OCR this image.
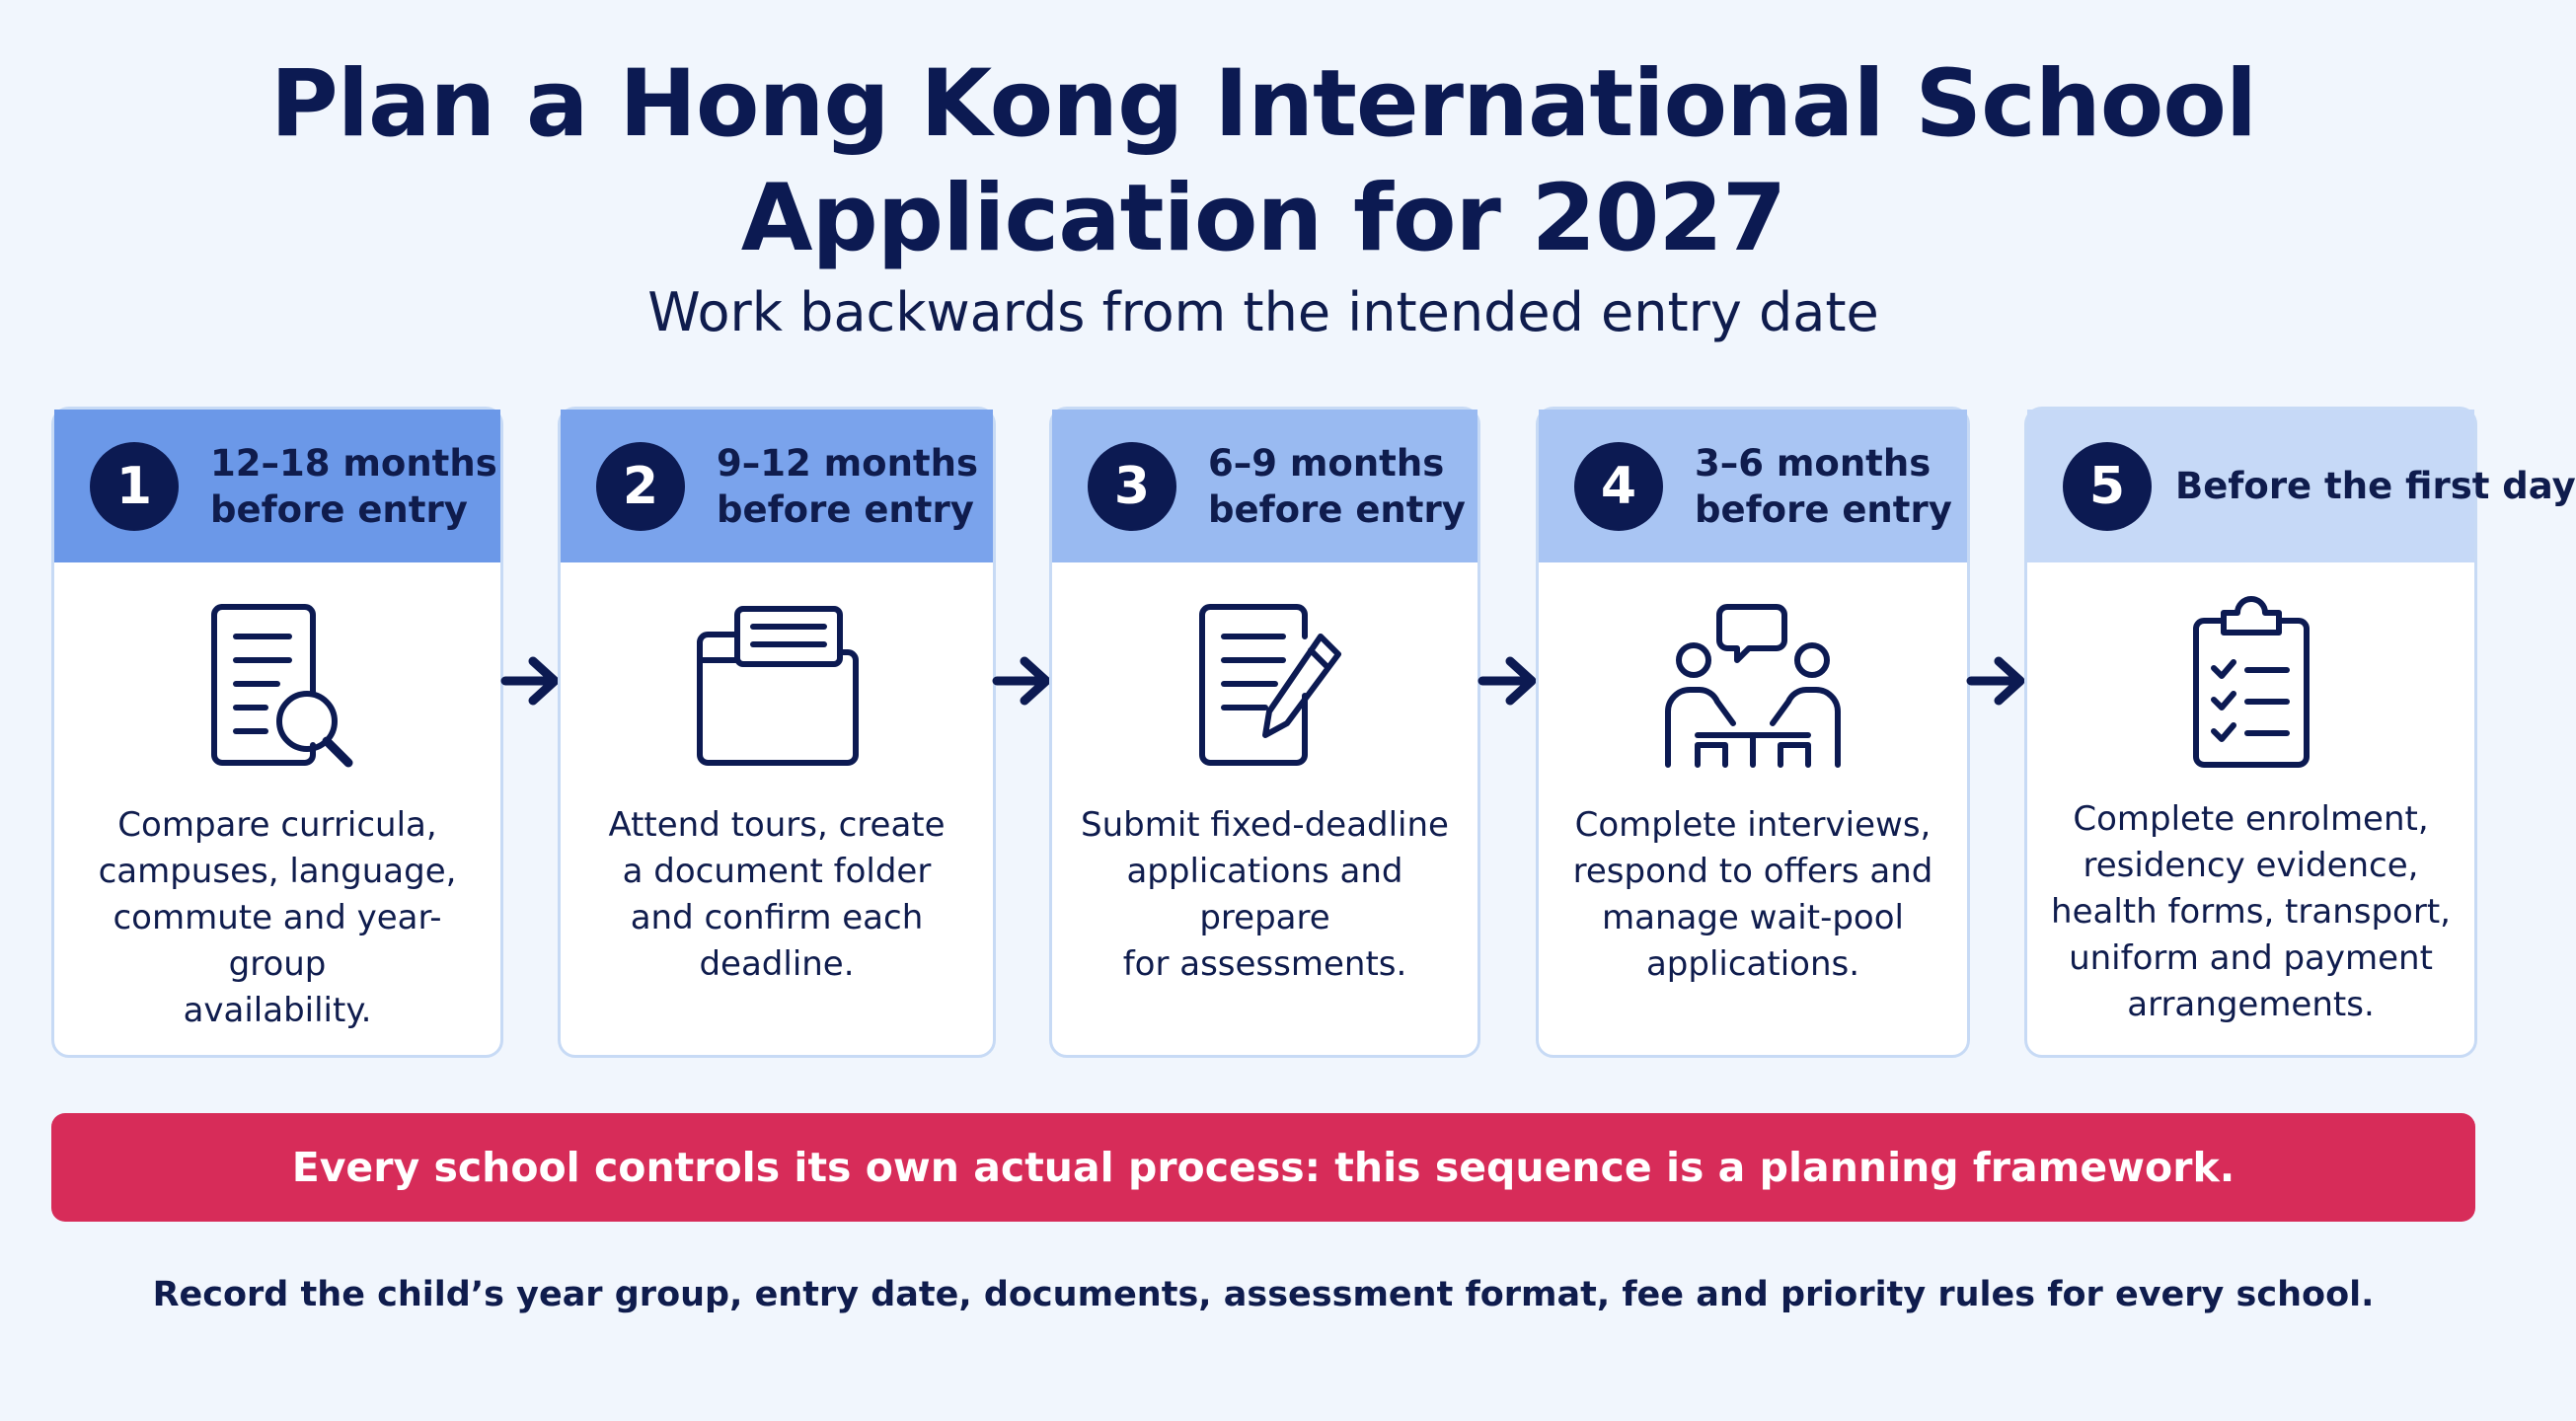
Plan a Hong Kong International School
Application for 2027
Work backwards from the intended entry date
1	12–18 months
before entry
Compare curricula,
campuses, language,
commute and year-group
availability.
2	9–12 months
before entry
Attend tours, create
a document folder
and confirm each
deadline.
3	6–9 months
before entry
Submit fixed-deadline
applications and prepare
for assessments.
4	3–6 months
before entry
Complete interviews,
respond to offers and
manage wait-pool
applications.
5	Before the first day
Complete enrolment,
residency evidence,
health forms, transport,
uniform and payment
arrangements.
Every school controls its own actual process: this sequence is a planning framework.
Record the child’s year group, entry date, documents, assessment format, fee and priority rules for every school.
